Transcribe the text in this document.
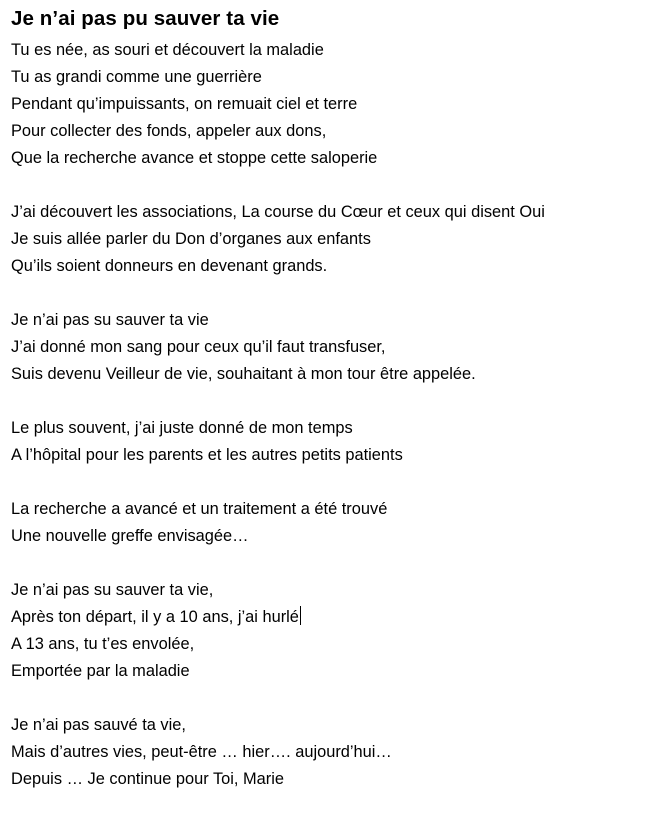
Je n’ai pas pu sauver ta vie
Tu es née, as souri et découvert la maladie
Tu as grandi comme une guerrière
Pendant qu’impuissants, on remuait ciel et terre
Pour collecter des fonds, appeler aux dons,
Que la recherche avance et stoppe cette saloperie
J’ai découvert les associations, La course du Cœur et ceux qui disent Oui
Je suis allée parler du Don d’organes aux enfants
Qu’ils soient donneurs en devenant grands.
Je n’ai pas su sauver ta vie
J’ai donné mon sang pour ceux qu’il faut transfuser,
Suis devenu Veilleur de vie, souhaitant à mon tour être appelée.
Le plus souvent, j’ai juste donné de mon temps
A l’hôpital pour les parents et les autres petits patients
La recherche a avancé et un traitement a été trouvé
Une nouvelle greffe envisagée…
Je n’ai pas su sauver ta vie,
Après ton départ, il y a 10 ans, j’ai hurlé
A 13 ans, tu t’es envolée,
Emportée par la maladie
Je n’ai pas sauvé ta vie,
Mais d’autres vies, peut-être … hier…. aujourd’hui…
Depuis … Je continue pour Toi, Marie
